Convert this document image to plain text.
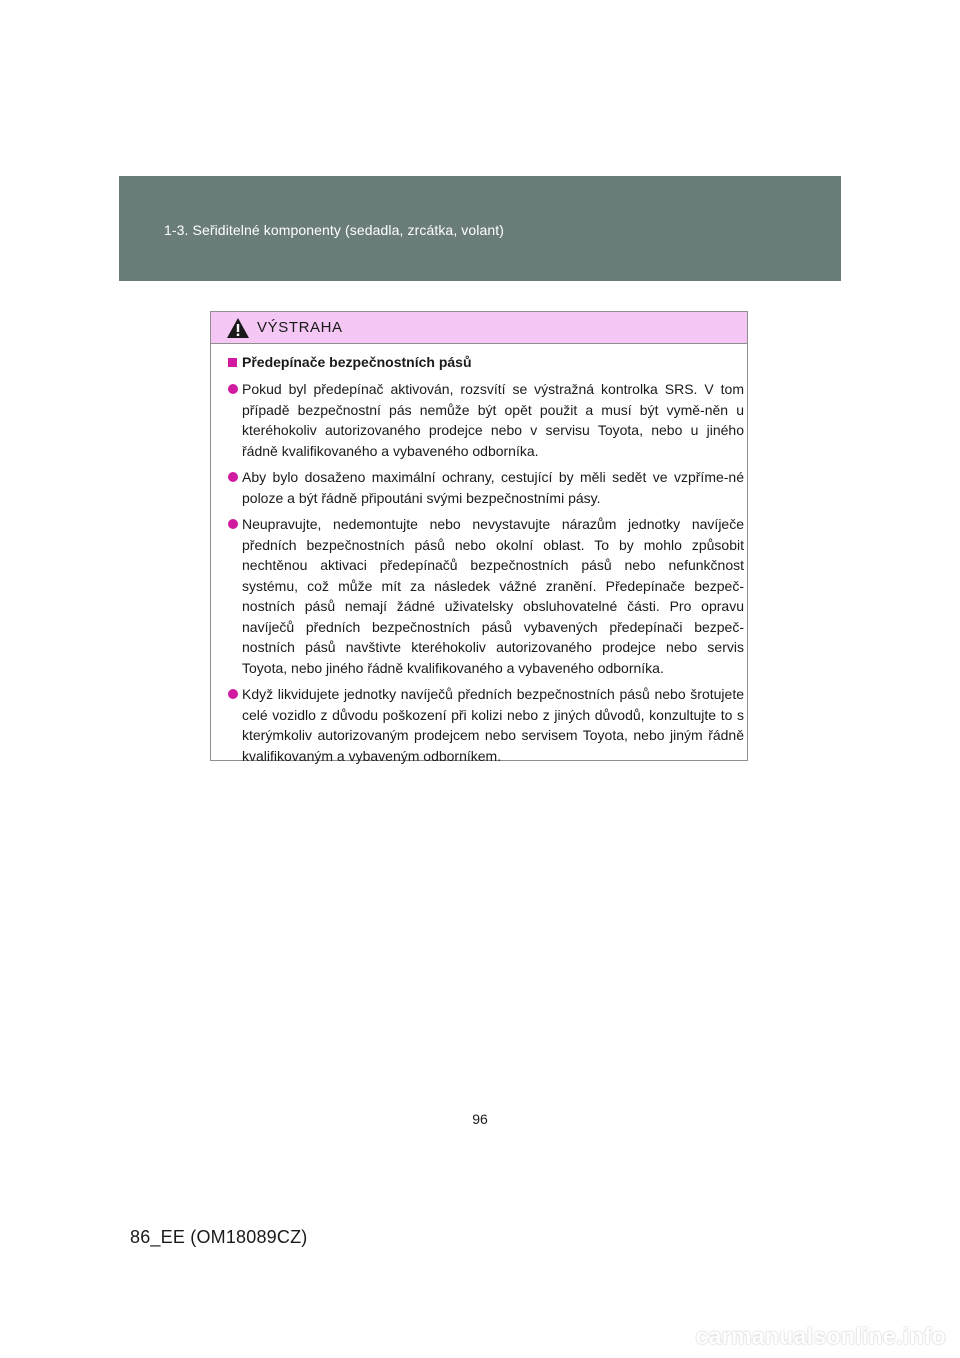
1-3. Seřiditelné komponenty (sedadla, zrcátka, volant)
VÝSTRAHA
Předepínače bezpečnostních pásů
Pokud byl předepínač aktivován, rozsvítí se výstražná kontrolka SRS. V tom případě bezpečnostní pás nemůže být opět použit a musí být vymě-něn u kteréhokoliv autorizovaného prodejce nebo v servisu Toyota, nebo u jiného řádně kvalifikovaného a vybaveného odborníka.
Aby bylo dosaženo maximální ochrany, cestující by měli sedět ve vzpříme-né poloze a být řádně připoutáni svými bezpečnostními pásy.
Neupravujte, nedemontujte nebo nevystavujte nárazům jednotky navíječe předních bezpečnostních pásů nebo okolní oblast. To by mohlo způsobit nechtěnou aktivaci předepínačů bezpečnostních pásů nebo nefunkčnost systému, což může mít za následek vážné zranění. Předepínače bezpeč-nostních pásů nemají žádné uživatelsky obsluhovatelné části. Pro opravu navíječů předních bezpečnostních pásů vybavených předepínači bezpeč-nostních pásů navštivte kteréhokoliv autorizovaného prodejce nebo servis Toyota, nebo jiného řádně kvalifikovaného a vybaveného odborníka.
Když likvidujete jednotky navíječů předních bezpečnostních pásů nebo šrotujete celé vozidlo z důvodu poškození při kolizi nebo z jiných důvodů, konzultujte to s kterýmkoliv autorizovaným prodejcem nebo servisem Toyota, nebo jiným řádně kvalifikovaným a vybaveným odborníkem.
96
86_EE (OM18089CZ)
carmanualsonline.info
